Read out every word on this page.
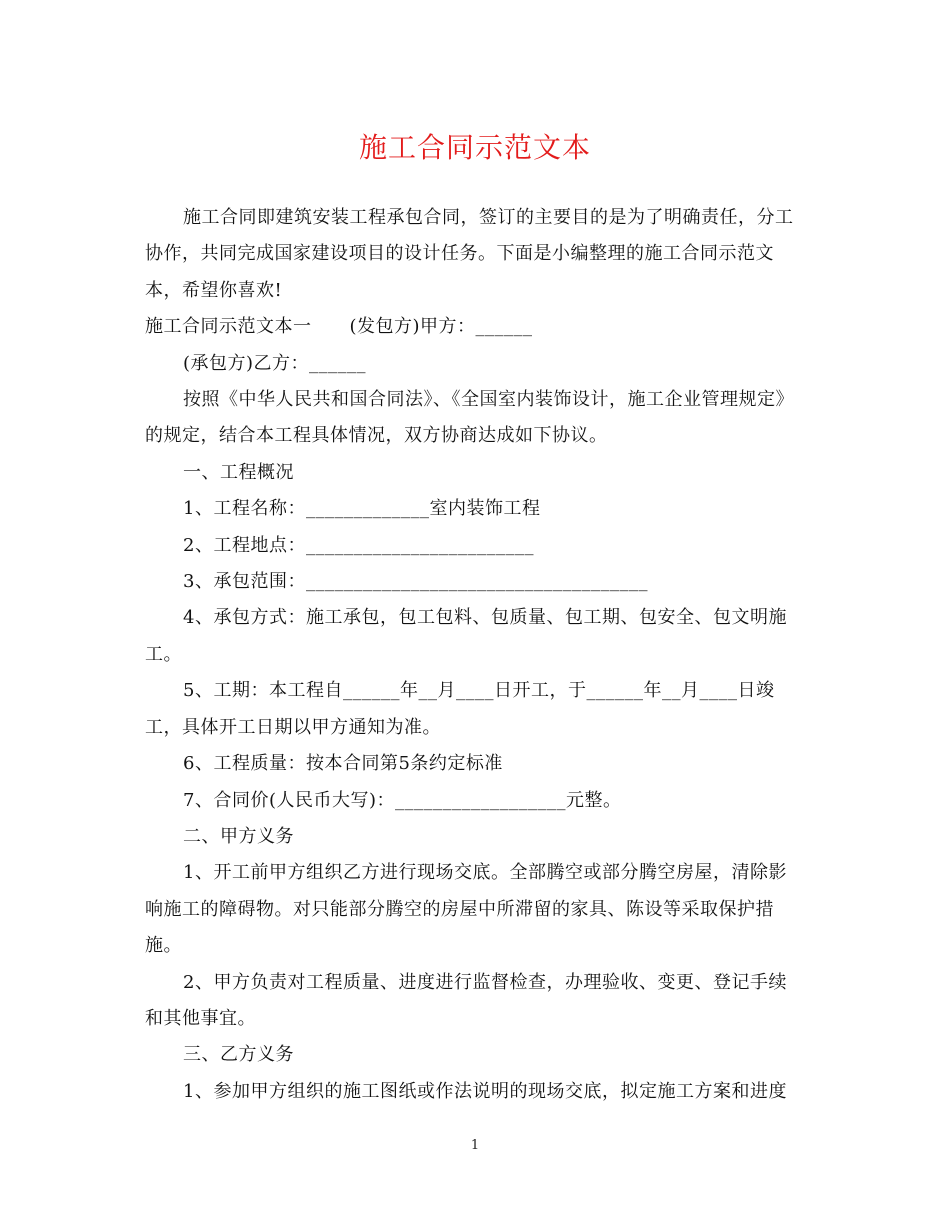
施工合同示范文本

施工合同即建筑安装工程承包合同，签订的主要目的是为了明确责任，分工协作，共同完成国家建设项目的设计任务。下面是小编整理的施工合同示范文本，希望你喜欢!

施工合同示范文本一 (发包方)甲方：______

(承包方)乙方：______

按照《中华人民共和国合同法》、《全国室内装饰设计，施工企业管理规定》的规定，结合本工程具体情况，双方协商达成如下协议。

一、工程概况

1、工程名称：_____________室内装饰工程

2、工程地点：________________________

3、承包范围：____________________________________

4、承包方式：施工承包，包工包料、包质量、包工期、包安全、包文明施工。

5、工期：本工程自______年__月____日开工，于______年__月____日竣工，具体开工日期以甲方通知为准。

6、工程质量：按本合同第5条约定标准

7、合同价(人民币大写)：__________________元整。

二、甲方义务

1、开工前甲方组织乙方进行现场交底。全部腾空或部分腾空房屋，清除影响施工的障碍物。对只能部分腾空的房屋中所滞留的家具、陈设等采取保护措施。

2、甲方负责对工程质量、进度进行监督检查，办理验收、变更、登记手续和其他事宜。

三、乙方义务

1、参加甲方组织的施工图纸或作法说明的现场交底，拟定施工方案和进度

1
